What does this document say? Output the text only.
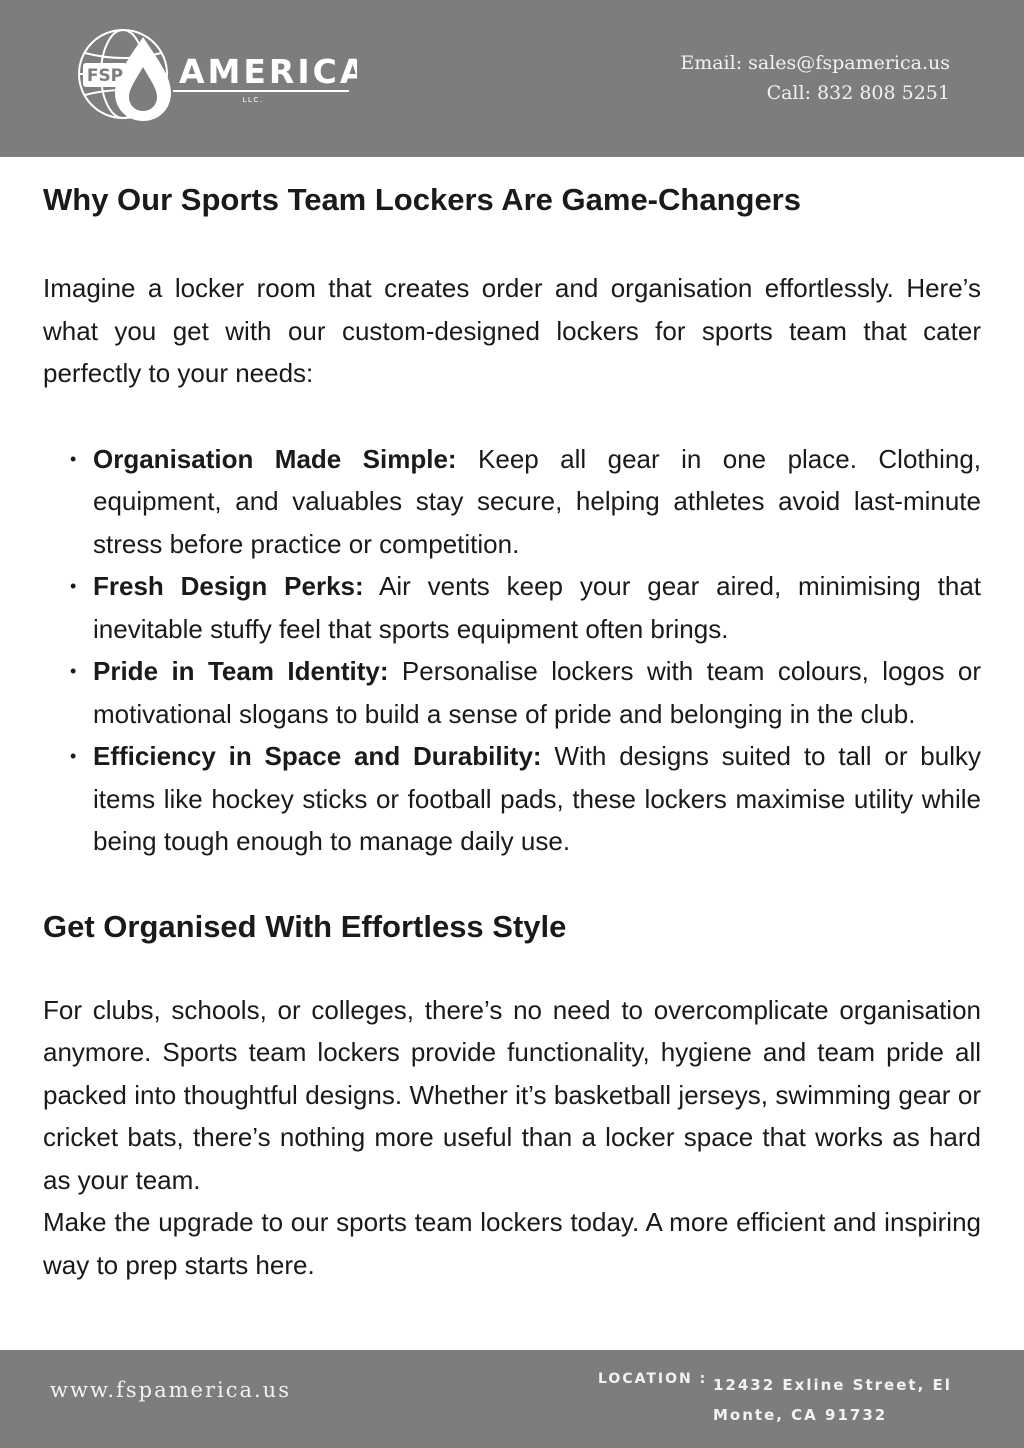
FSP AMERICA
LLC.
Email: sales@fspamerica.us
Call: 832 808 5251
Why Our Sports Team Lockers Are Game-Changers

Imagine a locker room that creates order and organisation effortlessly. Here’s what you get with our custom-designed lockers for sports team that cater perfectly to your needs:

• Organisation Made Simple: Keep all gear in one place. Clothing, equipment, and valuables stay secure, helping athletes avoid last-minute stress before practice or competition.
• Fresh Design Perks: Air vents keep your gear aired, minimising that inevitable stuffy feel that sports equipment often brings.
• Pride in Team Identity: Personalise lockers with team colours, logos or motivational slogans to build a sense of pride and belonging in the club.
• Efficiency in Space and Durability: With designs suited to tall or bulky items like hockey sticks or football pads, these lockers maximise utility while being tough enough to manage daily use.
Get Organised With Effortless Style

For clubs, schools, or colleges, there’s no need to overcomplicate organisation anymore. Sports team lockers provide functionality, hygiene and team pride all packed into thoughtful designs. Whether it’s basketball jerseys, swimming gear or cricket bats, there’s nothing more useful than a locker space that works as hard as your team.

Make the upgrade to our sports team lockers today. A more efficient and inspiring way to prep starts here.

www.fspamerica.us	LOCATION : 12432 Exline Street, El
Monte, CA 91732
